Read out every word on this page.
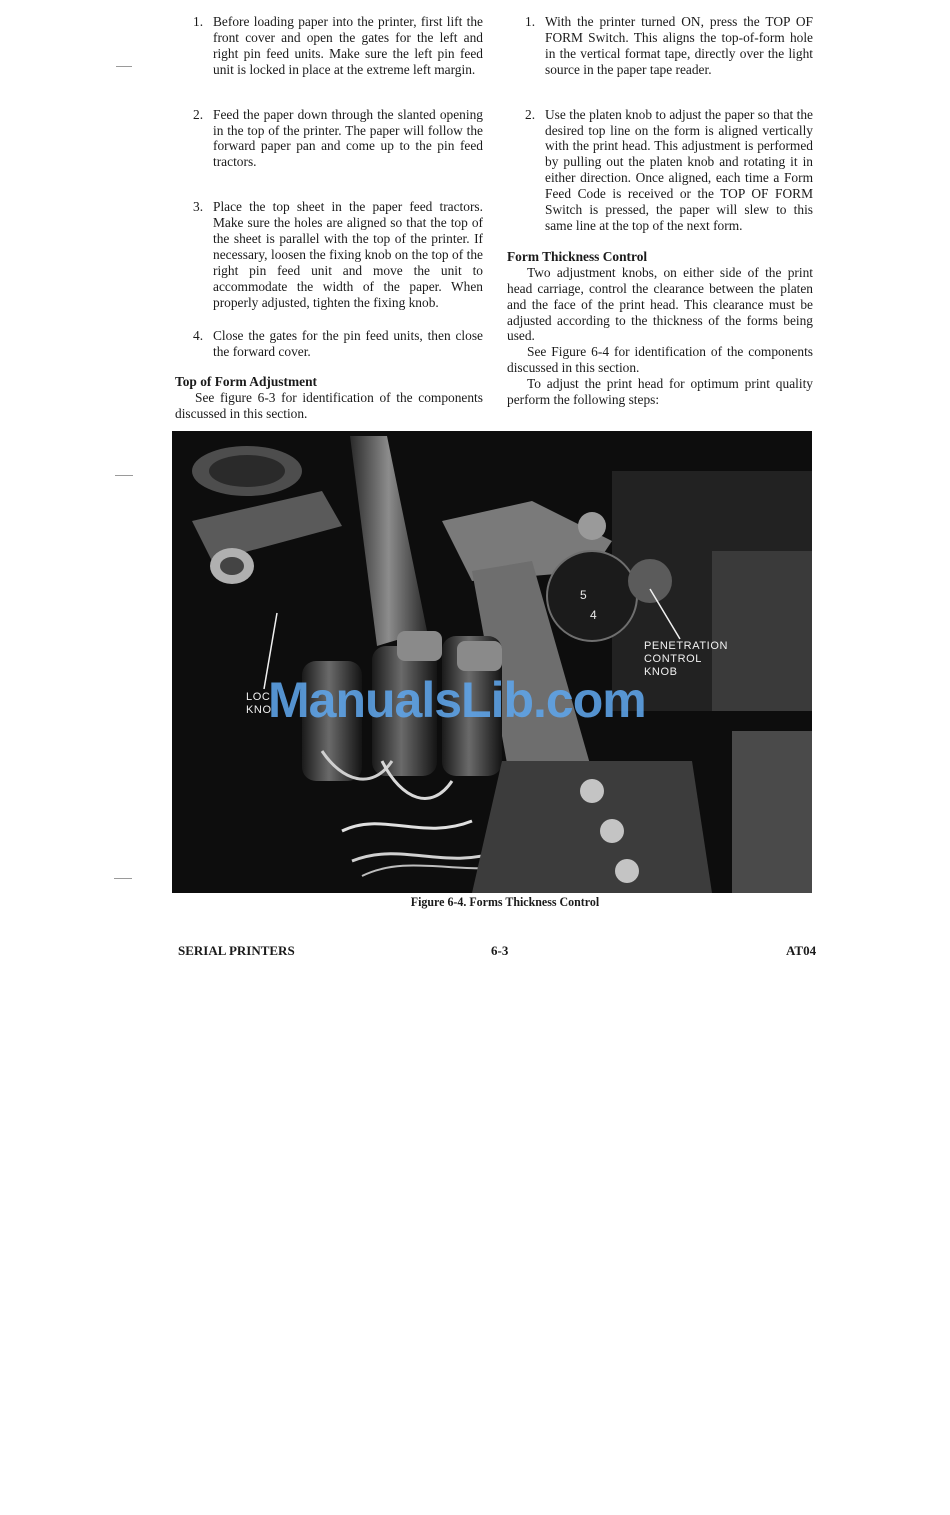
1. Before loading paper into the printer, first lift the front cover and open the gates for the left and right pin feed units. Make sure the left pin feed unit is locked in place at the extreme left margin.
2. Feed the paper down through the slanted opening in the top of the printer. The paper will follow the forward paper pan and come up to the pin feed tractors.
3. Place the top sheet in the paper feed tractors. Make sure the holes are aligned so that the top of the sheet is parallel with the top of the printer. If necessary, loosen the fixing knob on the top of the right pin feed unit and move the unit to accommodate the width of the paper. When properly adjusted, tighten the fixing knob.
4. Close the gates for the pin feed units, then close the forward cover.
Top of Form Adjustment
See figure 6-3 for identification of the components discussed in this section.
1. With the printer turned ON, press the TOP OF FORM Switch. This aligns the top-of-form hole in the vertical format tape, directly over the light source in the paper tape reader.
2. Use the platen knob to adjust the paper so that the desired top line on the form is aligned vertically with the print head. This adjustment is performed by pulling out the platen knob and rotating it in either direction. Once aligned, each time a Form Feed Code is received or the TOP OF FORM Switch is pressed, the paper will slew to this same line at the top of the next form.
Form Thickness Control
Two adjustment knobs, on either side of the print head carriage, control the clearance between the platen and the face of the print head. This clearance must be adjusted according to the thickness of the forms being used.
See Figure 6-4 for identification of the components discussed in this section.
To adjust the print head for optimum print quality perform the following steps:
5
4
PENETRATION
CONTROL
KNOB
LOC
KNO
ManualsLib.com
Figure 6-4. Forms Thickness Control
SERIAL PRINTERS	6-3	AT04
